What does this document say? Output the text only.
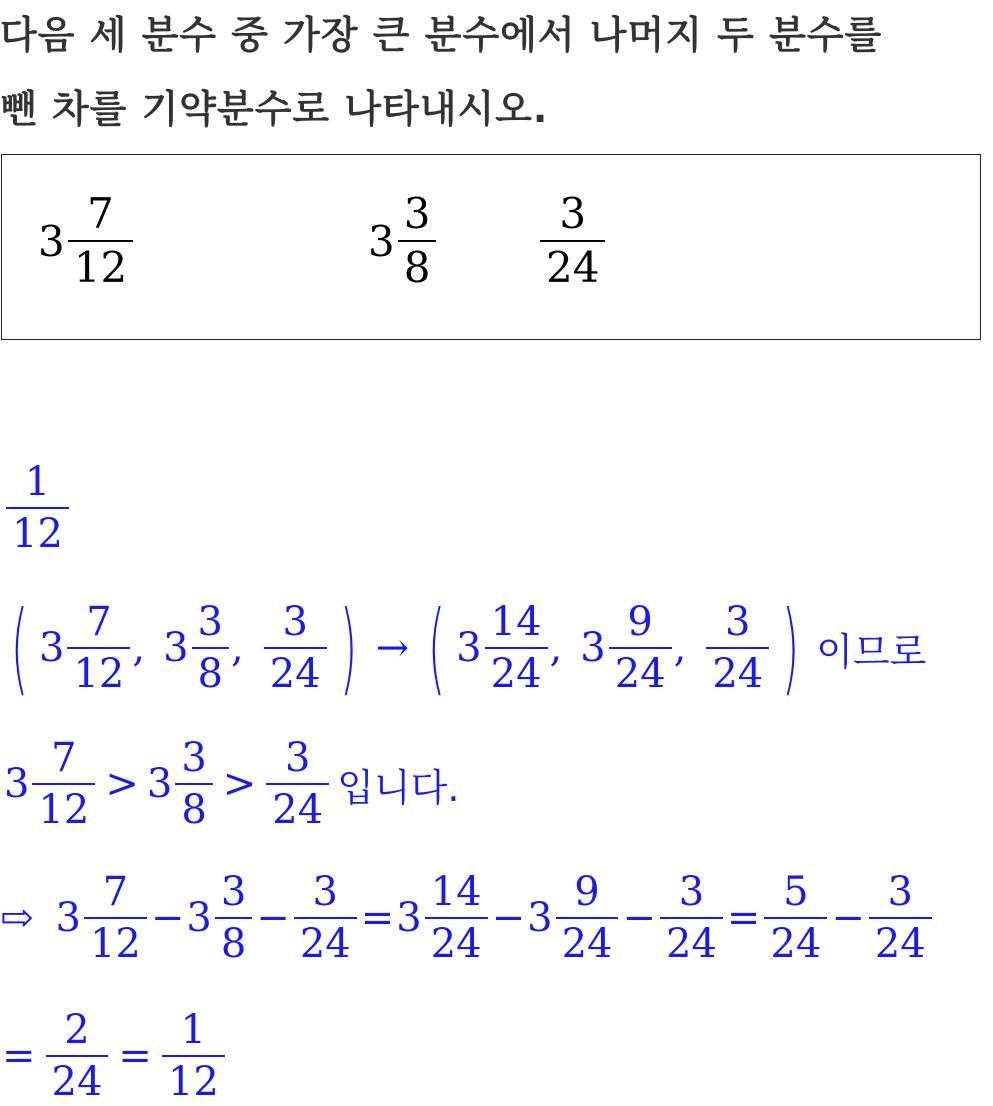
다음 세 분수 중 가장 큰 분수에서 나머지 두 분수를
뺀 차를 기약분수로 나타내시오.
$3 \frac{7}{12}$	$3 \frac{3}{8} \frac{3}{24}$
$\frac{1}{12}$
( $3 \frac{7}{12}$ , $3 \frac{3}{8}$ , $\frac{3}{24}$ ) → ( $3 \frac{14}{24}$ , $3 \frac{9}{24}$ , $\frac{3}{24}$ ) 이므로
$3 \frac{7}{12} > 3 \frac{3}{8} > \frac{3}{24}$ 입니다.
⇨ $3 \frac{7}{12} - 3 \frac{3}{8} - \frac{3}{24} = 3 \frac{14}{24} - 3 \frac{9}{24} - \frac{3}{24} = \frac{5}{24} - \frac{3}{24}$
= $\frac{2}{24} = \frac{1}{12}$
